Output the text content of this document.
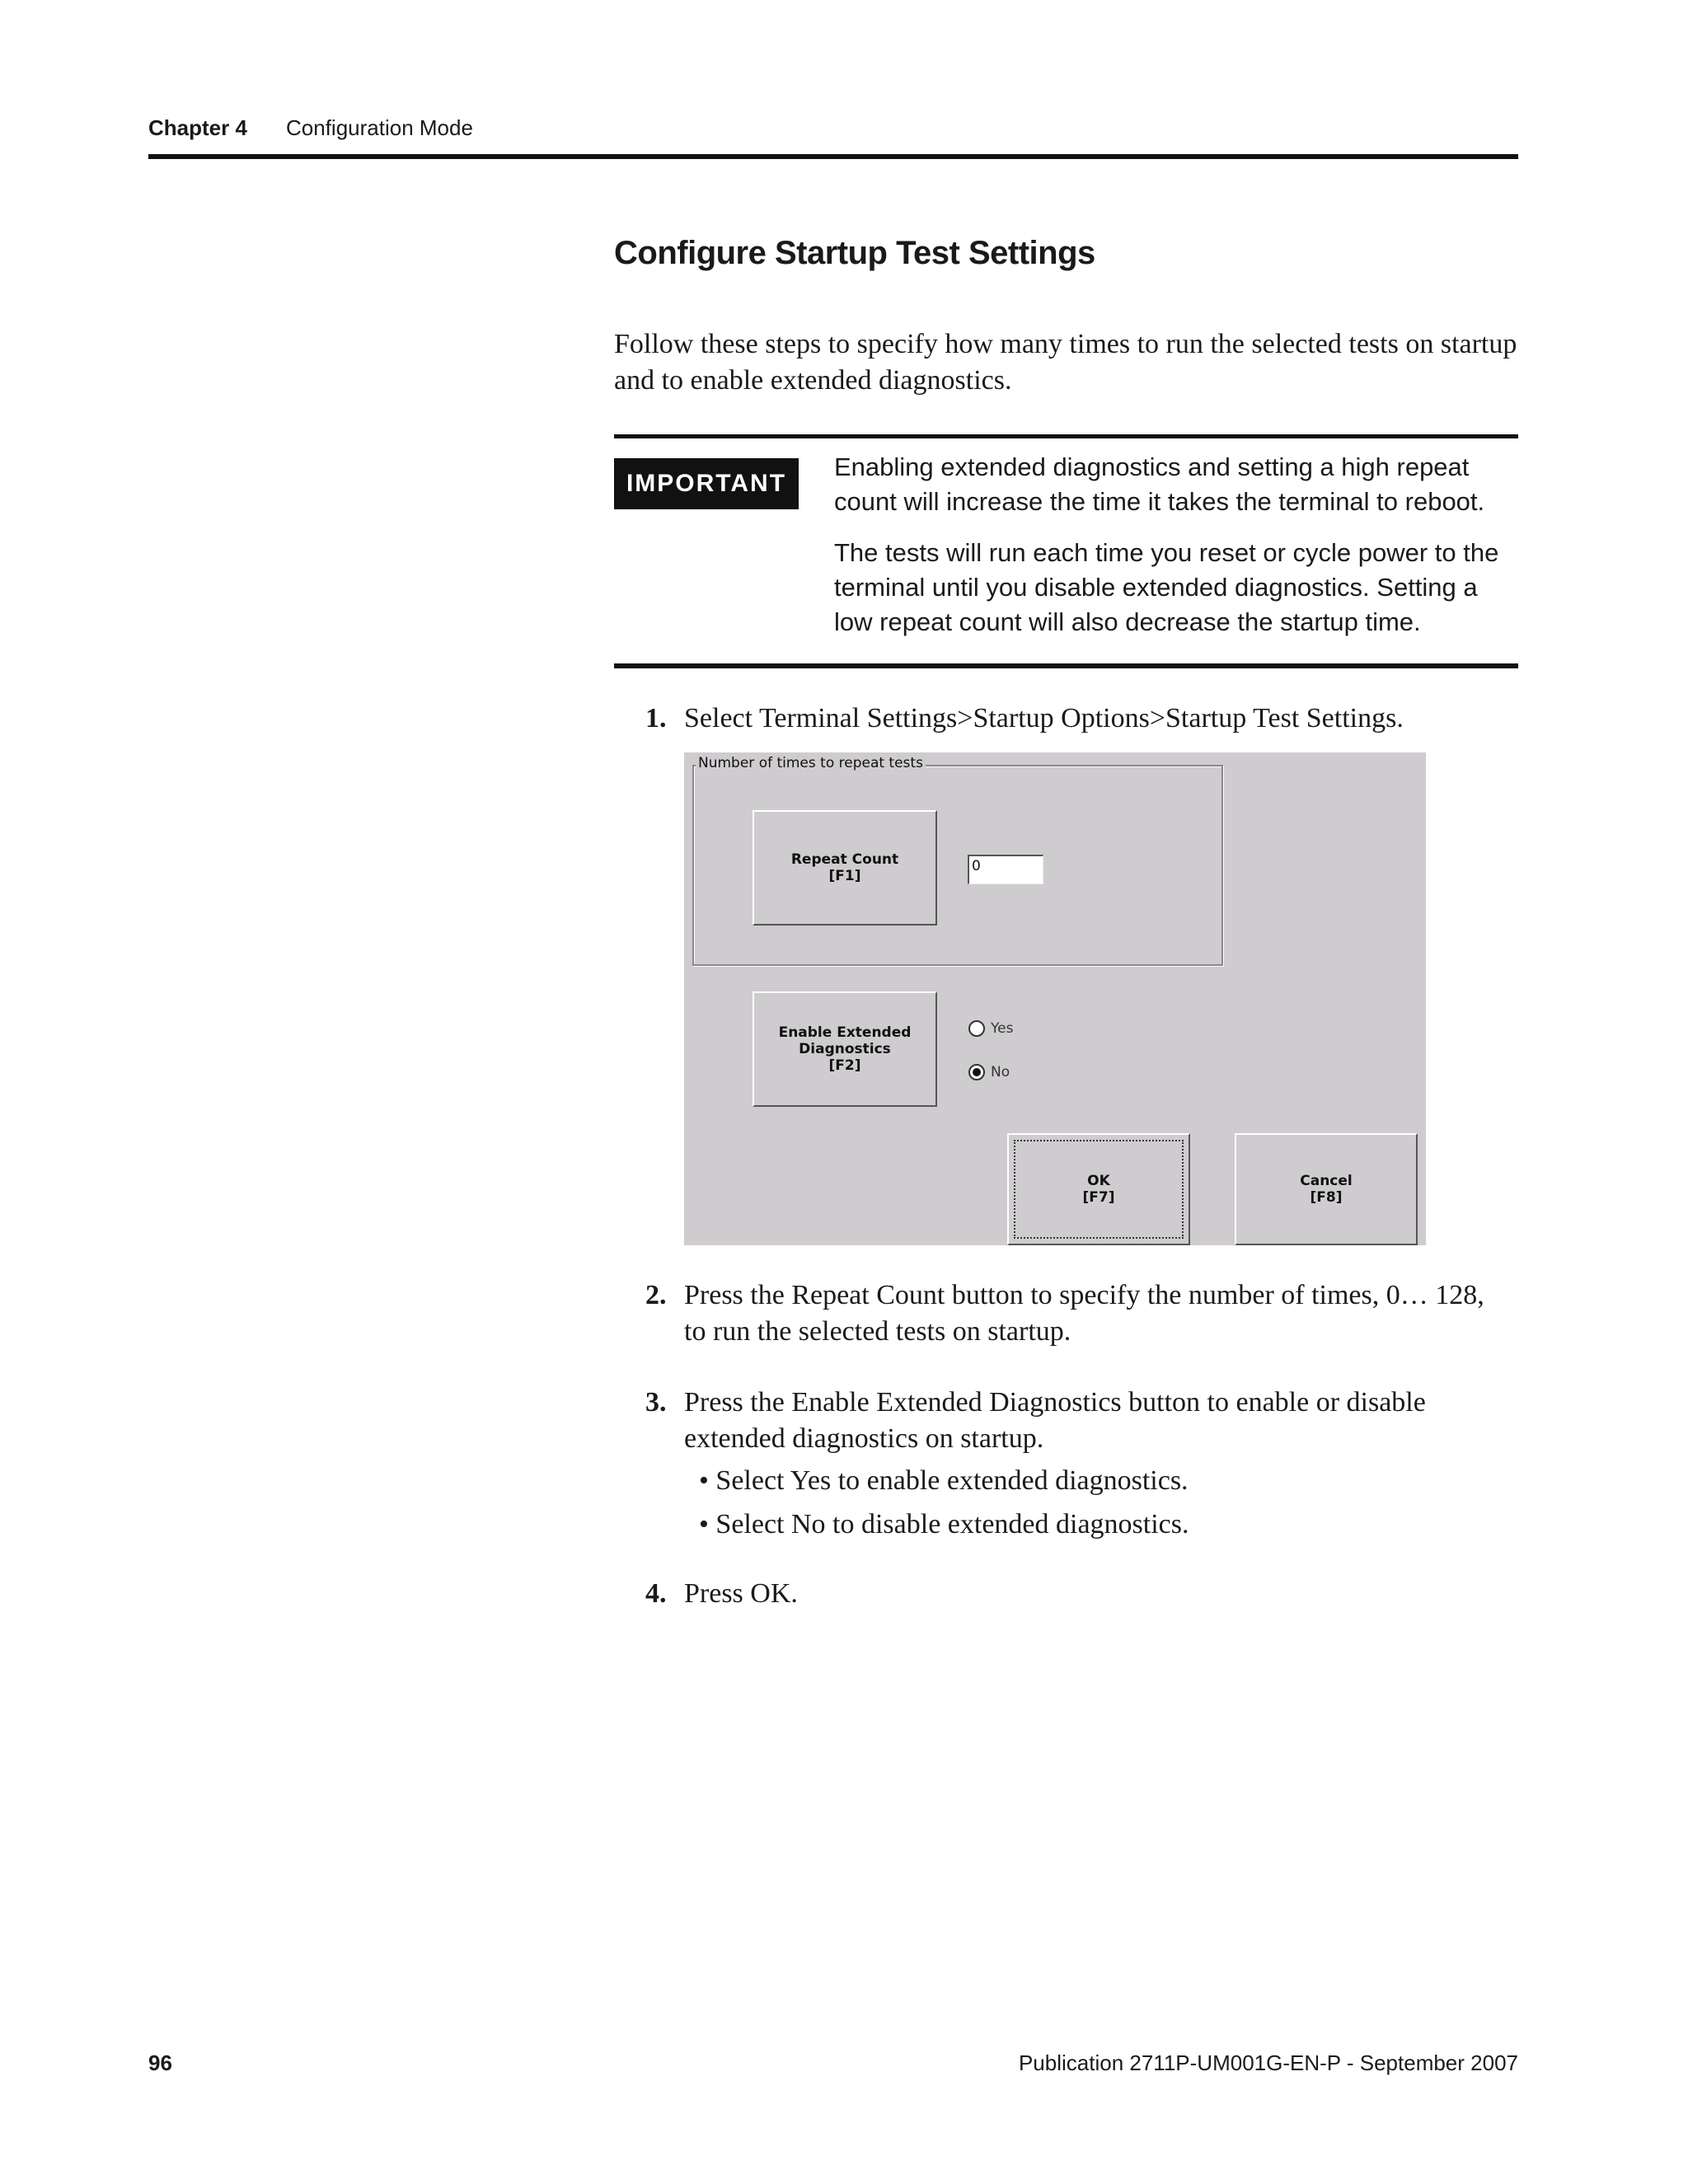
Chapter 4 Configuration Mode
Configure Startup Test Settings
Follow these steps to specify how many times to run the selected tests on startup and to enable extended diagnostics.
IMPORTANT

Enabling extended diagnostics and setting a high repeat count will increase the time it takes the terminal to reboot.

The tests will run each time you reset or cycle power to the terminal until you disable extended diagnostics. Setting a low repeat count will also decrease the startup time.

1. Select Terminal Settings>Startup Options>Startup Test Settings.
Number of times to repeat tests
Repeat Count
[F1]
0
Enable Extended
Diagnostics
[F2]
Yes
No
OK
[F7]
Cancel
[F8]
2. Press the Repeat Count button to specify the number of times, 0… 128, to run the selected tests on startup.
3. Press the Enable Extended Diagnostics button to enable or disable extended diagnostics on startup.
• Select Yes to enable extended diagnostics.
• Select No to disable extended diagnostics.
4. Press OK.
96	Publication 2711P-UM001G-EN-P - September 2007
